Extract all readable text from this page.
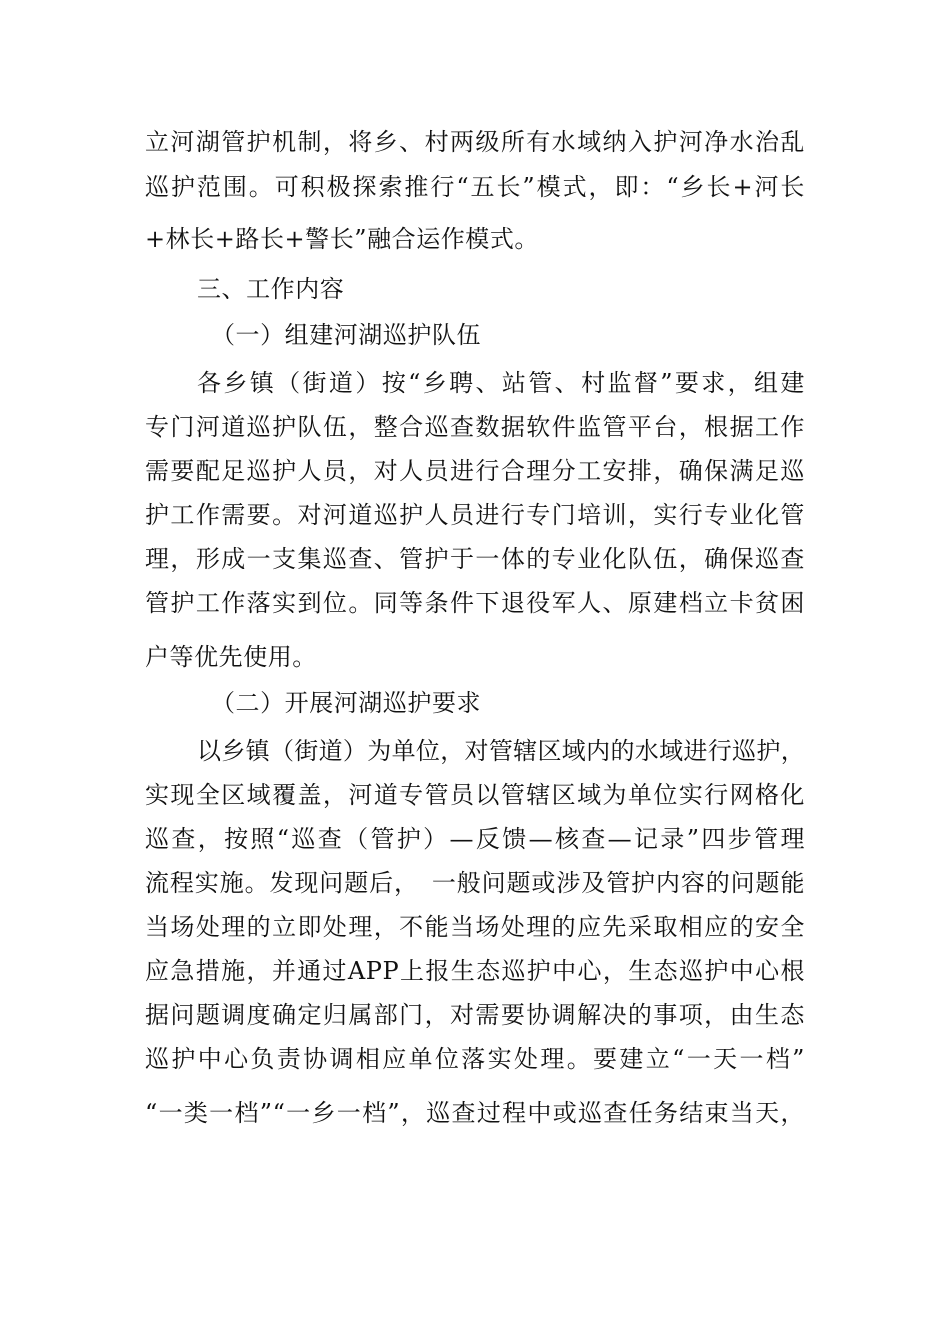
立河湖管护机制，将乡、村两级所有水域纳入护河净水治乱
巡护范围。可积极探索推行“五长”模式，即：“乡长+河长
+林长+路长+警长”融合运作模式。
三、工作内容
（一）组建河湖巡护队伍
各乡镇（街道）按“乡聘、站管、村监督”要求，组建
专门河道巡护队伍，整合巡查数据软件监管平台，根据工作
需要配足巡护人员，对人员进行合理分工安排，确保满足巡
护工作需要。对河道巡护人员进行专门培训，实行专业化管
理，形成一支集巡查、管护于一体的专业化队伍，确保巡查
管护工作落实到位。同等条件下退役军人、原建档立卡贫困
户等优先使用。
（二）开展河湖巡护要求
以乡镇（街道）为单位，对管辖区域内的水域进行巡护，
实现全区域覆盖，河道专管员以管辖区域为单位实行网格化
巡查，按照“巡查（管护）—反馈—核查—记录”四步管理
流程实施。发现问题后，　一般问题或涉及管护内容的问题能
当场处理的立即处理，不能当场处理的应先采取相应的安全
应急措施，并通过APP上报生态巡护中心，生态巡护中心根
据问题调度确定归属部门，对需要协调解决的事项，由生态
巡护中心负责协调相应单位落实处理。要建立“一天一档”
“一类一档”“一乡一档”，巡查过程中或巡查任务结束当天，
